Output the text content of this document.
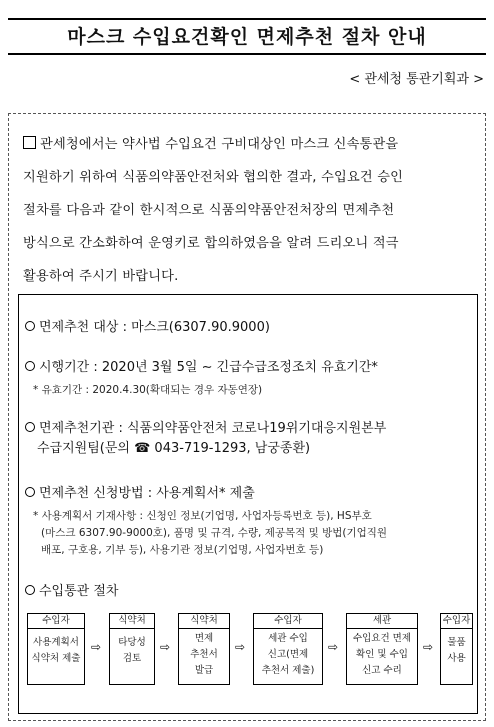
마스크 수입요건확인 면제추천 절차 안내
< 관세청 통관기획과 >
관세청에서는 약사법 수입요건 구비대상인 마스크 신속통관을
지원하기 위하여 식품의약품안전처와 협의한 결과, 수입요건 승인
절차를 다음과 같이 한시적으로 식품의약품안전처장의 면제추천
방식으로 간소화하여 운영키로 합의하였음을 알려 드리오니 적극
활용하여 주시기 바랍니다.
면제추천 대상 : 마스크(6307.90.9000)
시행기간 : 2020년 3월 5일 ∼ 긴급수급조정조치 유효기간*
* 유효기간 : 2020.4.30(확대되는 경우 자동연장)
면제추천기관 : 식품의약품안전처 코로나19위기대응지원본부
수급지원팀(문의 ☎ 043-719-1293, 남궁종환)
면제추천 신청방법 : 사용계획서* 제출
* 사용계획서 기재사항 : 신청인 정보(기업명, 사업자등록번호 등), HS부호
(마스크 6307.90-9000호), 품명 및 규격, 수량, 제공목적 및 방법(기업직원
배포, 구호용, 기부 등), 사용기관 정보(기업명, 사업자번호 등)
수입통관 절차
수입자
사용계획서
식약처 제출
⇨
식약처
타당성
검토
⇨
식약처
면제
추천서
발급
⇨
수입자
세관 수입
신고(면제
추천서 제출)
⇨
세관
수입요건 면제
확인 및 수입
신고 수리
⇨
수입자
물품
사용
